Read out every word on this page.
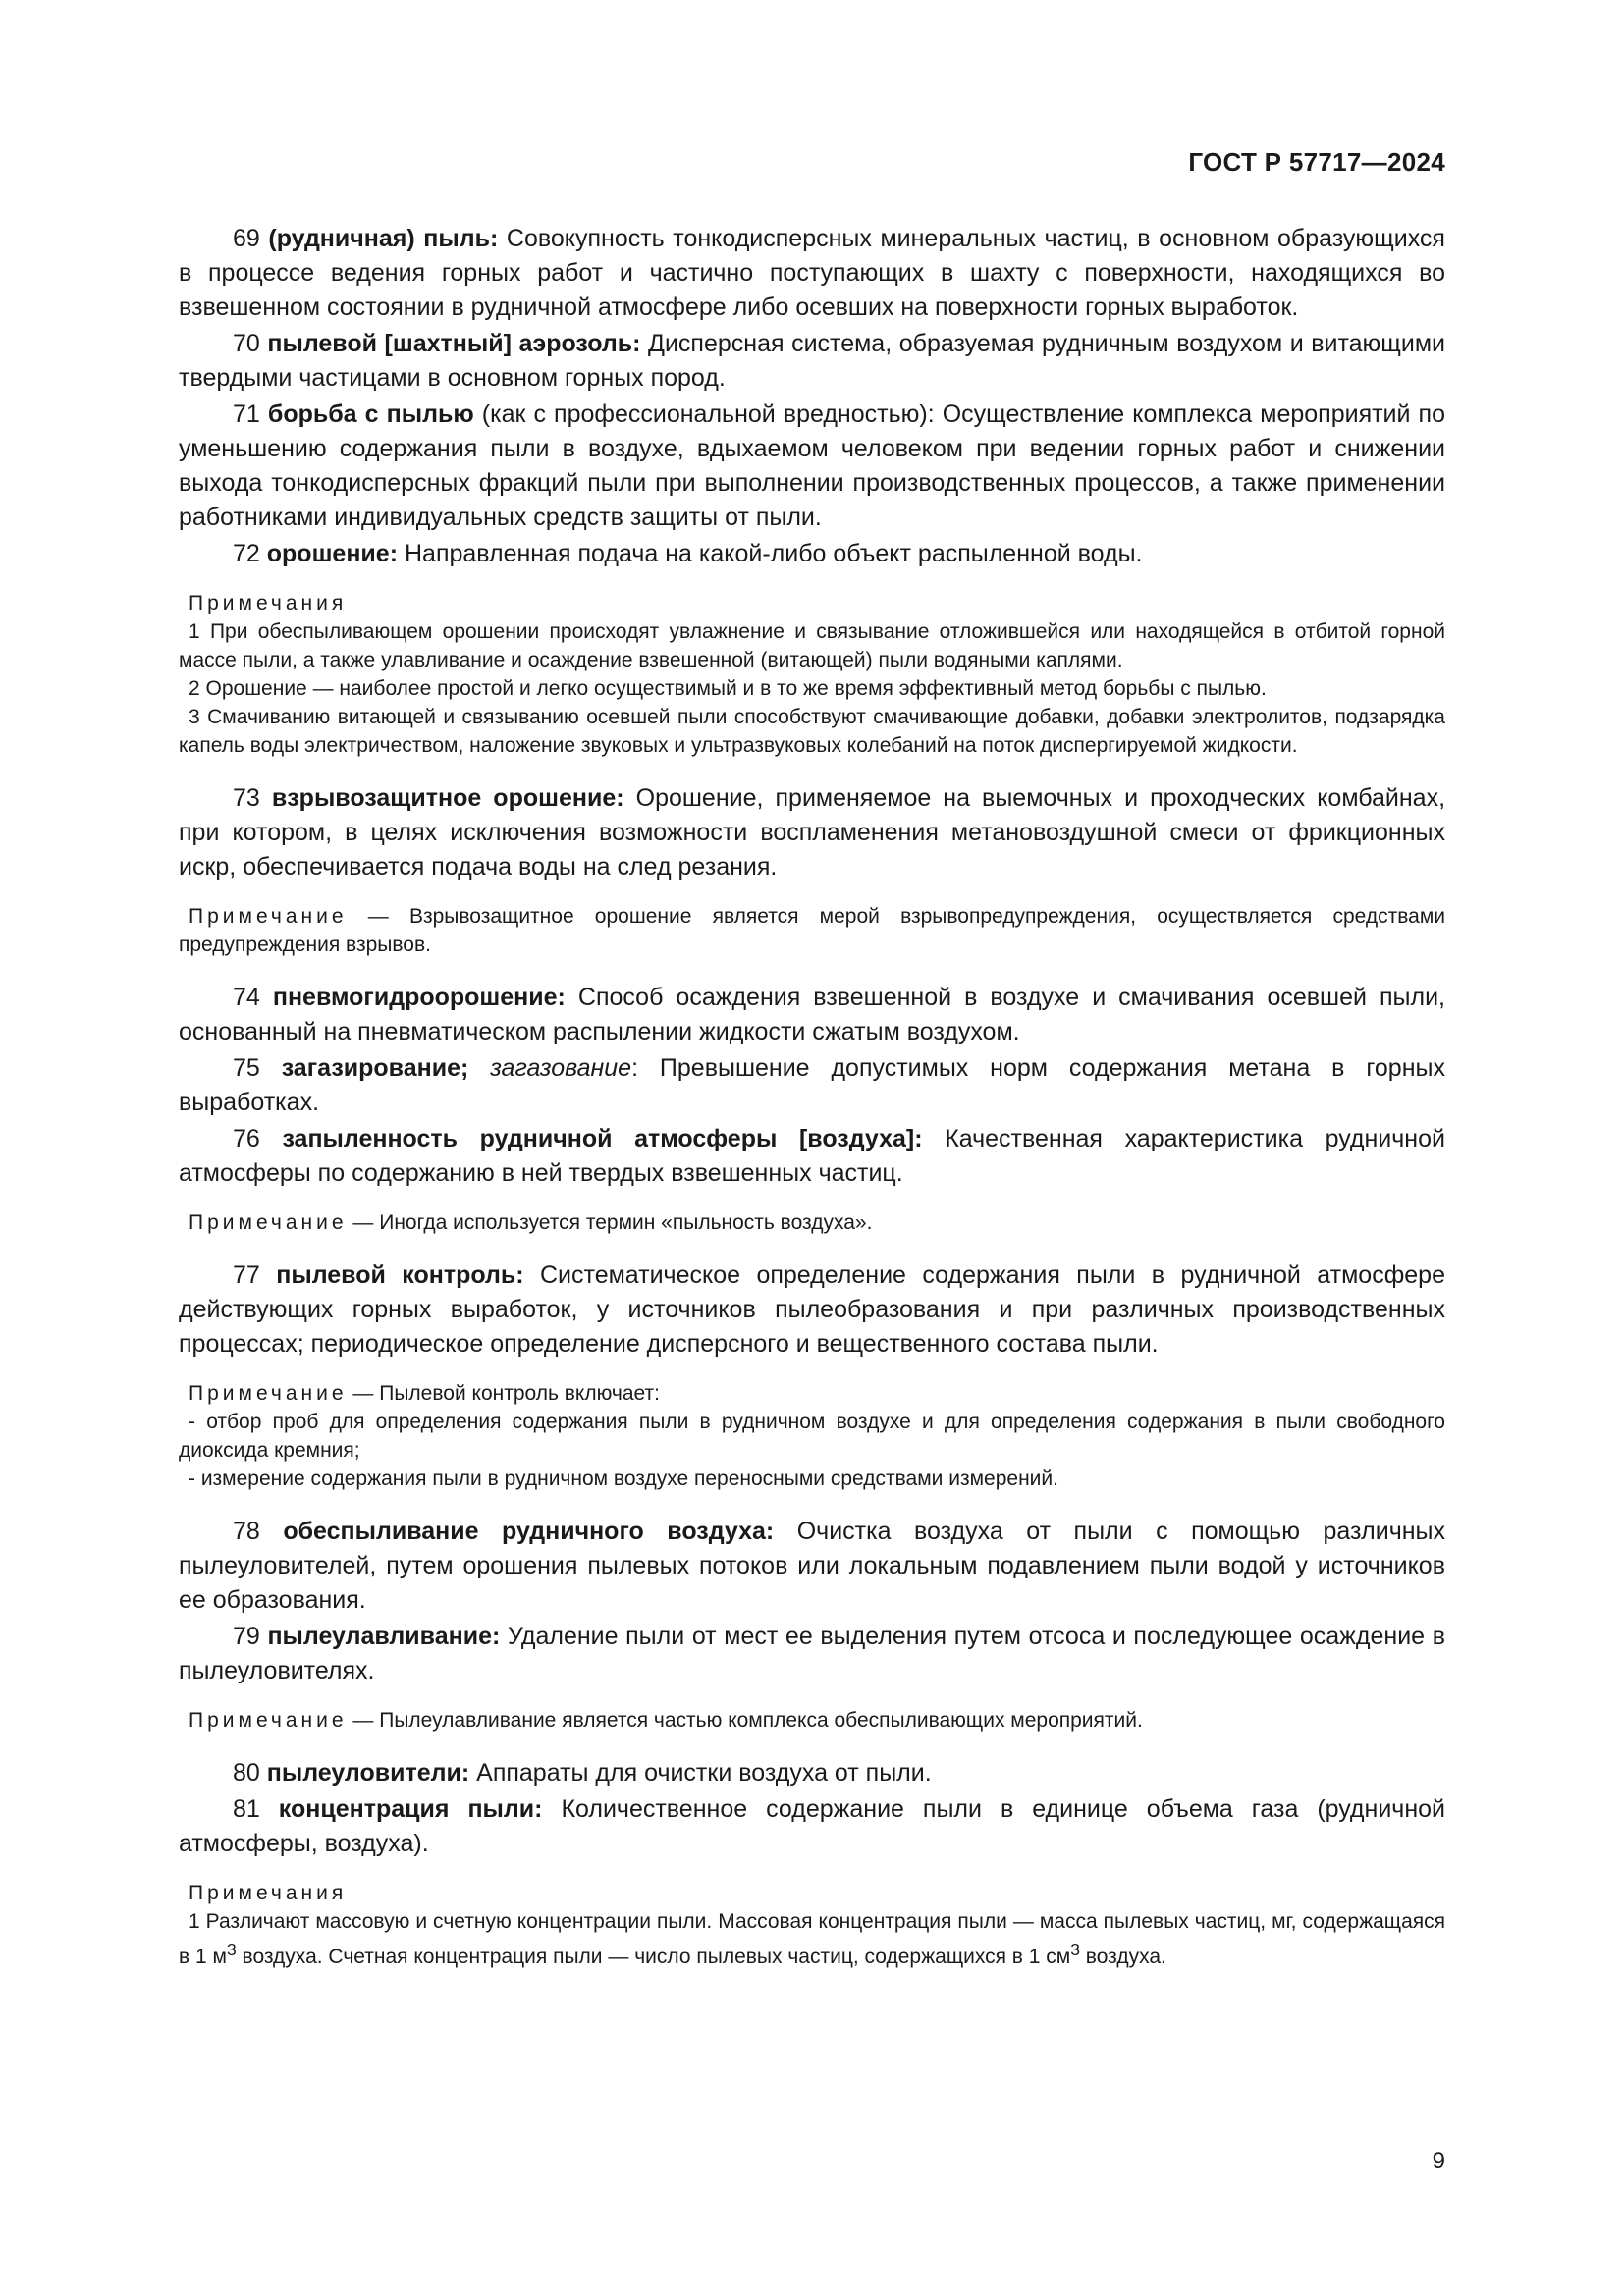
ГОСТ Р 57717—2024

69 (рудничная) пыль: Совокупность тонкодисперсных минеральных частиц, в основном образующихся в процессе ведения горных работ и частично поступающих в шахту с поверхности, находящихся во взвешенном состоянии в рудничной атмосфере либо осевших на поверхности горных выработок.

70 пылевой [шахтный] аэрозоль: Дисперсная система, образуемая рудничным воздухом и витающими твердыми частицами в основном горных пород.

71 борьба с пылью (как с профессиональной вредностью): Осуществление комплекса мероприятий по уменьшению содержания пыли в воздухе, вдыхаемом человеком при ведении горных работ и снижении выхода тонкодисперсных фракций пыли при выполнении производственных процессов, а также применении работниками индивидуальных средств защиты от пыли.

72 орошение: Направленная подача на какой-либо объект распыленной воды.

Примечания

1 При обеспыливающем орошении происходят увлажнение и связывание отложившейся или находящейся в отбитой горной массе пыли, а также улавливание и осаждение взвешенной (витающей) пыли водяными каплями.

2 Орошение — наиболее простой и легко осуществимый и в то же время эффективный метод борьбы с пылью.

3 Смачиванию витающей и связыванию осевшей пыли способствуют смачивающие добавки, добавки электролитов, подзарядка капель воды электричеством, наложение звуковых и ультразвуковых колебаний на поток диспергируемой жидкости.

73 взрывозащитное орошение: Орошение, применяемое на выемочных и проходческих комбайнах, при котором, в целях исключения возможности воспламенения метановоздушной смеси от фрикционных искр, обеспечивается подача воды на след резания.

Примечание — Взрывозащитное орошение является мерой взрывопредупреждения, осуществляется средствами предупреждения взрывов.

74 пневмогидроорошение: Способ осаждения взвешенной в воздухе и смачивания осевшей пыли, основанный на пневматическом распылении жидкости сжатым воздухом.

75 загазирование; загазование: Превышение допустимых норм содержания метана в горных выработках.

76 запыленность рудничной атмосферы [воздуха]: Качественная характеристика рудничной атмосферы по содержанию в ней твердых взвешенных частиц.

Примечание — Иногда используется термин «пыльность воздуха».

77 пылевой контроль: Систематическое определение содержания пыли в рудничной атмосфере действующих горных выработок, у источников пылеобразования и при различных производственных процессах; периодическое определение дисперсного и вещественного состава пыли.

Примечание — Пылевой контроль включает:

- отбор проб для определения содержания пыли в рудничном воздухе и для определения содержания в пыли свободного диоксида кремния;

- измерение содержания пыли в рудничном воздухе переносными средствами измерений.

78 обеспыливание рудничного воздуха: Очистка воздуха от пыли с помощью различных пылеуловителей, путем орошения пылевых потоков или локальным подавлением пыли водой у источников ее образования.

79 пылеулавливание: Удаление пыли от мест ее выделения путем отсоса и последующее осаждение в пылеуловителях.

Примечание — Пылеулавливание является частью комплекса обеспыливающих мероприятий.

80 пылеуловители: Аппараты для очистки воздуха от пыли.

81 концентрация пыли: Количественное содержание пыли в единице объема газа (рудничной атмосферы, воздуха).

Примечания

1 Различают массовую и счетную концентрации пыли. Массовая концентрация пыли — масса пылевых частиц, мг, содержащаяся в 1 $м^3$ воздуха. Счетная концентрация пыли — число пылевых частиц, содержащихся в 1 $см^3$ воздуха.

9
